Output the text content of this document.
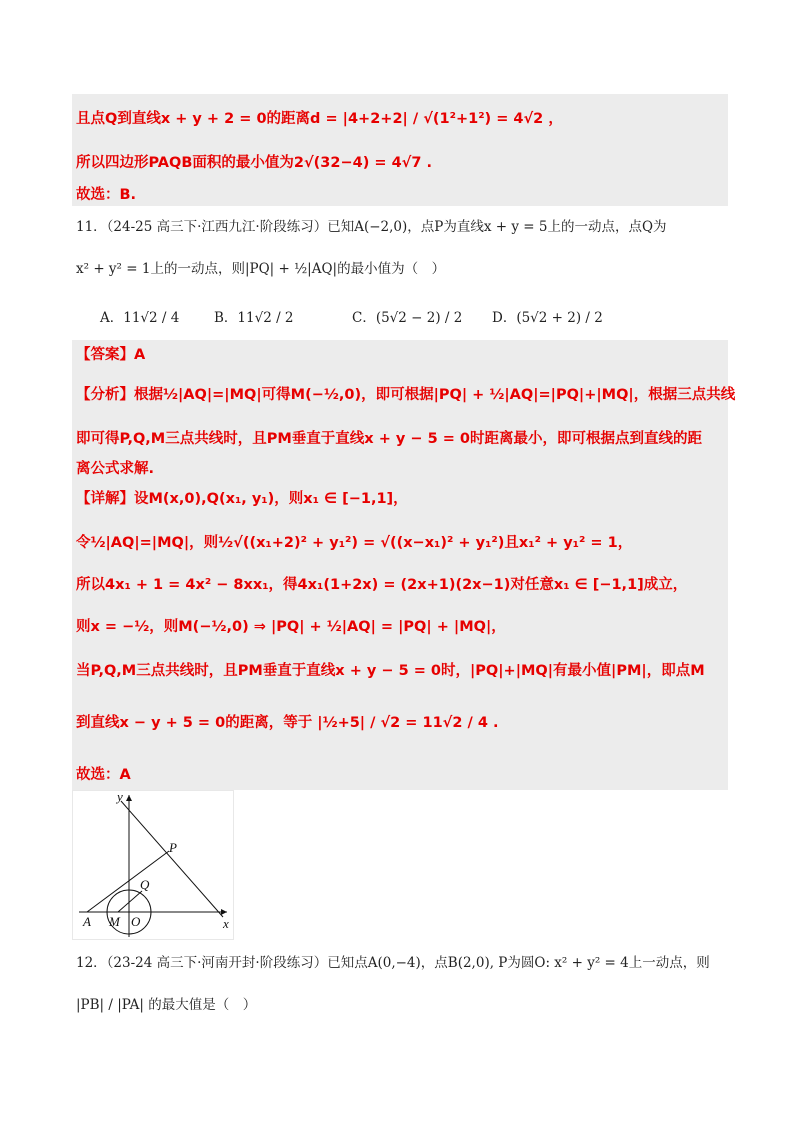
且点Q到直线x + y + 2 = 0的距离d = |4+2+2| / √(1²+1²) = 4√2 ，
所以四边形PAQB面积的最小值为2√(32−4) = 4√7 .
故选：B.
11．（24-25 高三下·江西九江·阶段练习）已知A(−2,0)，点P为直线x + y = 5上的一动点，点Q为
x² + y² = 1上的一动点，则|PQ| + ½|AQ|的最小值为（　）
A．11√2 / 4	B．11√2 / 2	C．(5√2 − 2) / 2 D．(5√2 + 2) / 2
【答案】A
【分析】根据½|AQ|=|MQ|可得M(−½,0)，即可根据|PQ| + ½|AQ|=|PQ|+|MQ|，根据三点共线
即可得P,Q,M三点共线时，且PM垂直于直线x + y − 5 = 0时距离最小，即可根据点到直线的距
离公式求解.
【详解】设M(x,0),Q(x₁, y₁)，则x₁ ∈ [−1,1]，
令½|AQ|=|MQ|，则½√((x₁+2)² + y₁²) = √((x−x₁)² + y₁²)且x₁² + y₁² = 1，
所以4x₁ + 1 = 4x² − 8xx₁，得4x₁(1+2x) = (2x+1)(2x−1)对任意x₁ ∈ [−1,1]成立，
则x = −½，则M(−½,0) ⇒ |PQ| + ½|AQ| = |PQ| + |MQ|，
当P,Q,M三点共线时，且PM垂直于直线x + y − 5 = 0时，|PQ|+|MQ|有最小值|PM|，即点M
到直线x − y + 5 = 0的距离，等于 |½+5| / √2 = 11√2 / 4 .
故选：A
y
x
P
Q
A M O
12．（23-24 高三下·河南开封·阶段练习）已知点A(0,−4)，点B(2,0), P为圆O: x² + y² = 4上一动点，则
|PB| / |PA| 的最大值是（　）
